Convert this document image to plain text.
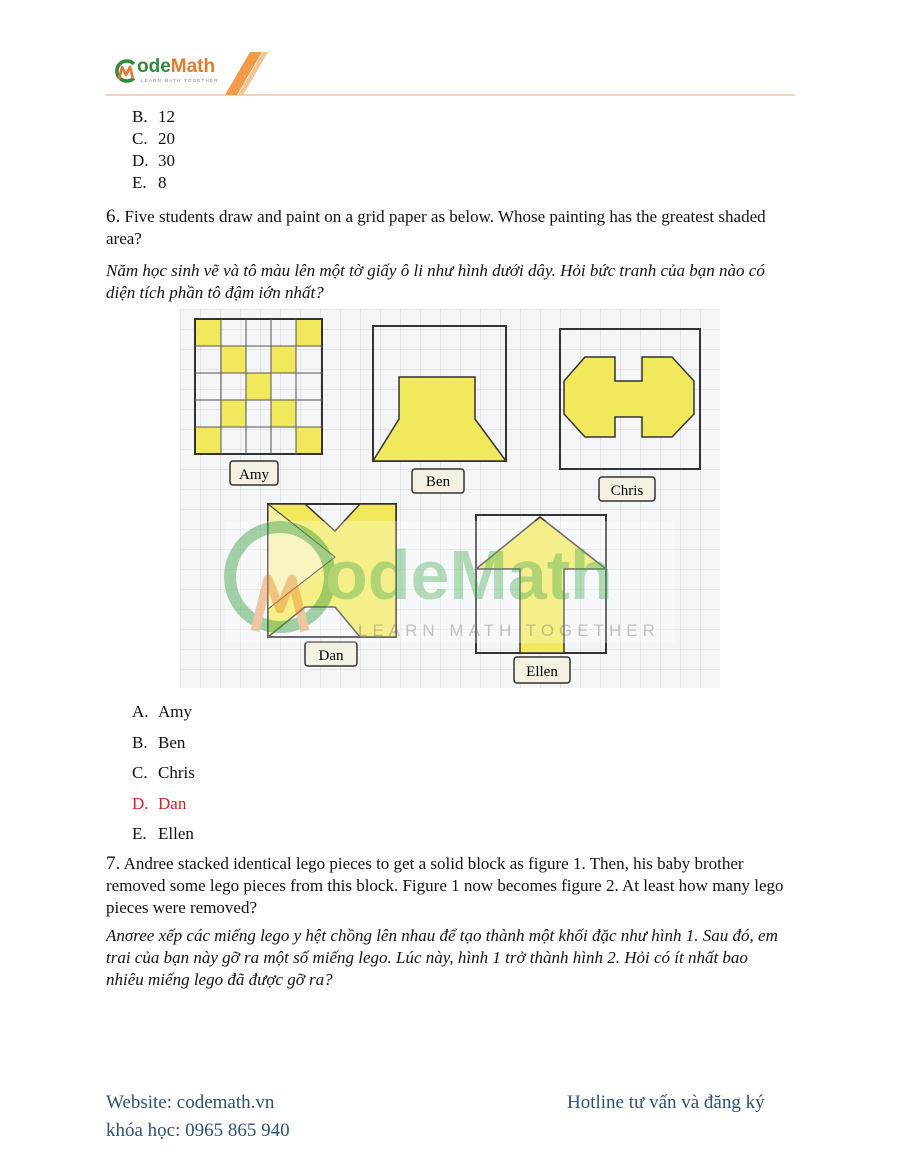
odeMath
LEARN MATH TOGETHER
B. 12
C. 20
D. 30
E. 8
6. Five students draw and paint on a grid paper as below. Whose painting has the greatest shaded area?
Năm học sinh vẽ và tô màu lên một tờ giấy ô li như hình dưới dây. Hỏi bức tranh của bạn nào có diện tích phần tô đậm iớn nhất?
Amy	Ben
Chris
Dan
Ellen
odeMath
LEARN MATH TOGETHER
A. Amy
B. Ben
C. Chris
D. Dan
E. Ellen
7. Andree stacked identical lego pieces to get a solid block as figure 1. Then, his baby brother removed some lego pieces from this block. Figure 1 now becomes figure 2. At least how many lego pieces were removed?
Anσree xếp các miếng lego y hệt chồng lên nhau để tạo thành một khối đặc như hình 1. Sau đó, em trai của bạn này gỡ ra một số miếng lego. Lúc này, hình 1 trở thành hình 2. Hỏi có ít nhất bao nhiêu miếng lego đã được gỡ ra?
Website: codemath.vn
khóa học: 0965 865 940
Hotline tư vấn và đăng ký
